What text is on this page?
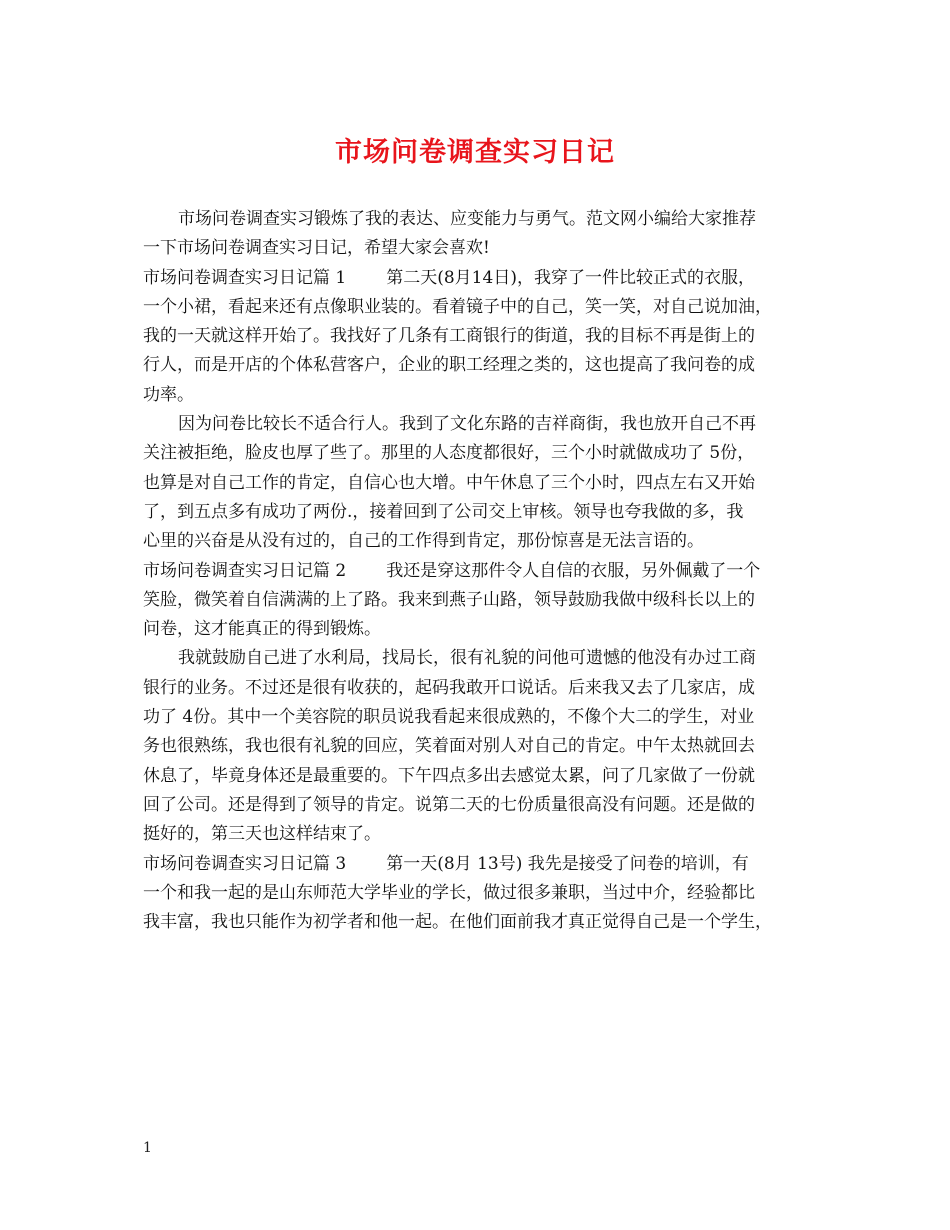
市场问卷调查实习日记
市场问卷调查实习锻炼了我的表达、应变能力与勇气。范文网小编给大家推荐
一下市场问卷调查实习日记，希望大家会喜欢!
市场问卷调查实习日记篇 1 第二天(8月14日)，我穿了一件比较正式的衣服，
一个小裙，看起来还有点像职业装的。看着镜子中的自己，笑一笑，对自己说加油，
我的一天就这样开始了。我找好了几条有工商银行的街道，我的目标不再是街上的
行人，而是开店的个体私营客户，企业的职工经理之类的，这也提高了我问卷的成
功率。
因为问卷比较长不适合行人。我到了文化东路的吉祥商街，我也放开自己不再
关注被拒绝，脸皮也厚了些了。那里的人态度都很好，三个小时就做成功了 5份，
也算是对自己工作的肯定，自信心也大增。中午休息了三个小时，四点左右又开始
了，到五点多有成功了两份.，接着回到了公司交上审核。领导也夸我做的多，我
心里的兴奋是从没有过的，自己的工作得到肯定，那份惊喜是无法言语的。
市场问卷调查实习日记篇 2 我还是穿这那件令人自信的衣服，另外佩戴了一个
笑脸，微笑着自信满满的上了路。我来到燕子山路，领导鼓励我做中级科长以上的
问卷，这才能真正的得到锻炼。
我就鼓励自己进了水利局，找局长，很有礼貌的问他可遗憾的他没有办过工商
银行的业务。不过还是很有收获的，起码我敢开口说话。后来我又去了几家店，成
功了 4份。其中一个美容院的职员说我看起来很成熟的，不像个大二的学生，对业
务也很熟练，我也很有礼貌的回应，笑着面对别人对自己的肯定。中午太热就回去
休息了，毕竟身体还是最重要的。下午四点多出去感觉太累，问了几家做了一份就
回了公司。还是得到了领导的肯定。说第二天的七份质量很高没有问题。还是做的
挺好的，第三天也这样结束了。
市场问卷调查实习日记篇 3 第一天(8月 13号) 我先是接受了问卷的培训，有
一个和我一起的是山东师范大学毕业的学长，做过很多兼职，当过中介，经验都比
我丰富，我也只能作为初学者和他一起。在他们面前我才真正觉得自己是一个学生，
1
